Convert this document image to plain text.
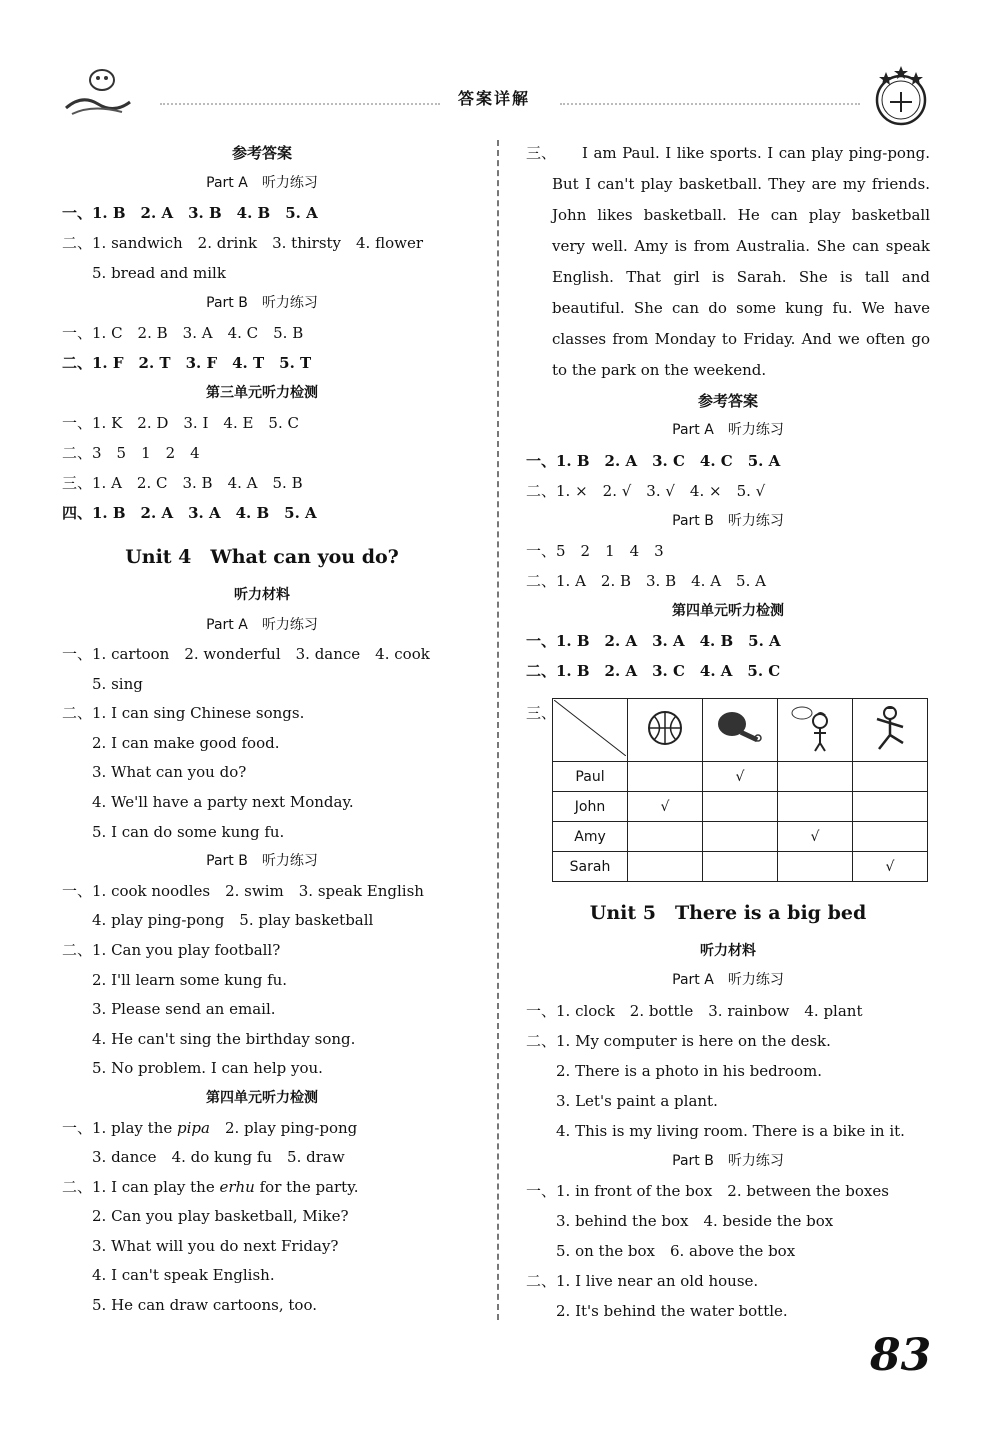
答案详解
参考答案
Part A　听力练习
一、1. B　2. A　3. B　4. B　5. A
二、1. sandwich　2. drink　3. thirsty　4. flower
5. bread and milk
Part B　听力练习
一、1. C　2. B　3. A　4. C　5. B
二、1. F　2. T　3. F　4. T　5. T
第三单元听力检测
一、1. K　2. D　3. I　4. E　5. C
二、3　5　1　2　4
三、1. A　2. C　3. B　4. A　5. B
四、1. B　2. A　3. A　4. B　5. A
Unit 4　What can you do?
听力材料
Part A　听力练习
一、1. cartoon　2. wonderful　3. dance　4. cook
5. sing
二、1. I can sing Chinese songs.
2. I can make good food.
3. What can you do?
4. We'll have a party next Monday.
5. I can do some kung fu.
Part B　听力练习
一、1. cook noodles　2. swim　3. speak English
4. play ping-pong　5. play basketball
二、1. Can you play football?
2. I'll learn some kung fu.
3. Please send an email.
4. He can't sing the birthday song.
5. No problem. I can help you.
第四单元听力检测
一、1. play the pipa　2. play ping-pong
3. dance　4. do kung fu　5. draw
二、1. I can play the erhu for the party.
2. Can you play basketball, Mike?
3. What will you do next Friday?
4. I can't speak English.
5. He can draw cartoons, too.
三、	I am Paul. I like sports. I can play ping-pong. But I can't play basketball. They are my friends. John likes basketball. He can play basketball very well. Amy is from Australia. She can speak English. That girl is Sarah. She is tall and beautiful. She can do some kung fu. We have classes from Monday to Friday. And we often go to the park on the weekend.
参考答案
Part A　听力练习
一、1. B　2. A　3. C　4. C　5. A
二、1. ×　2. √　3. √　4. ×　5. √
Part B　听力练习
一、5　2　1　4　3
二、1. A　2. B　3. B　4. A　5. A
第四单元听力检测
一、1. B　2. A　3. A　4. B　5. A
二、1. B　2. A　3. C　4. A　5. C
三、

Paul		√		
John	√			
Amy			√	
Sarah				√
Unit 5　There is a big bed
听力材料
Part A　听力练习
一、1. clock　2. bottle　3. rainbow　4. plant
二、1. My computer is here on the desk.
2. There is a photo in his bedroom.
3. Let's paint a plant.
4. This is my living room. There is a bike in it.
Part B　听力练习
一、1. in front of the box　2. between the boxes
3. behind the box　4. beside the box
5. on the box　6. above the box
二、1. I live near an old house.
2. It's behind the water bottle.
83
